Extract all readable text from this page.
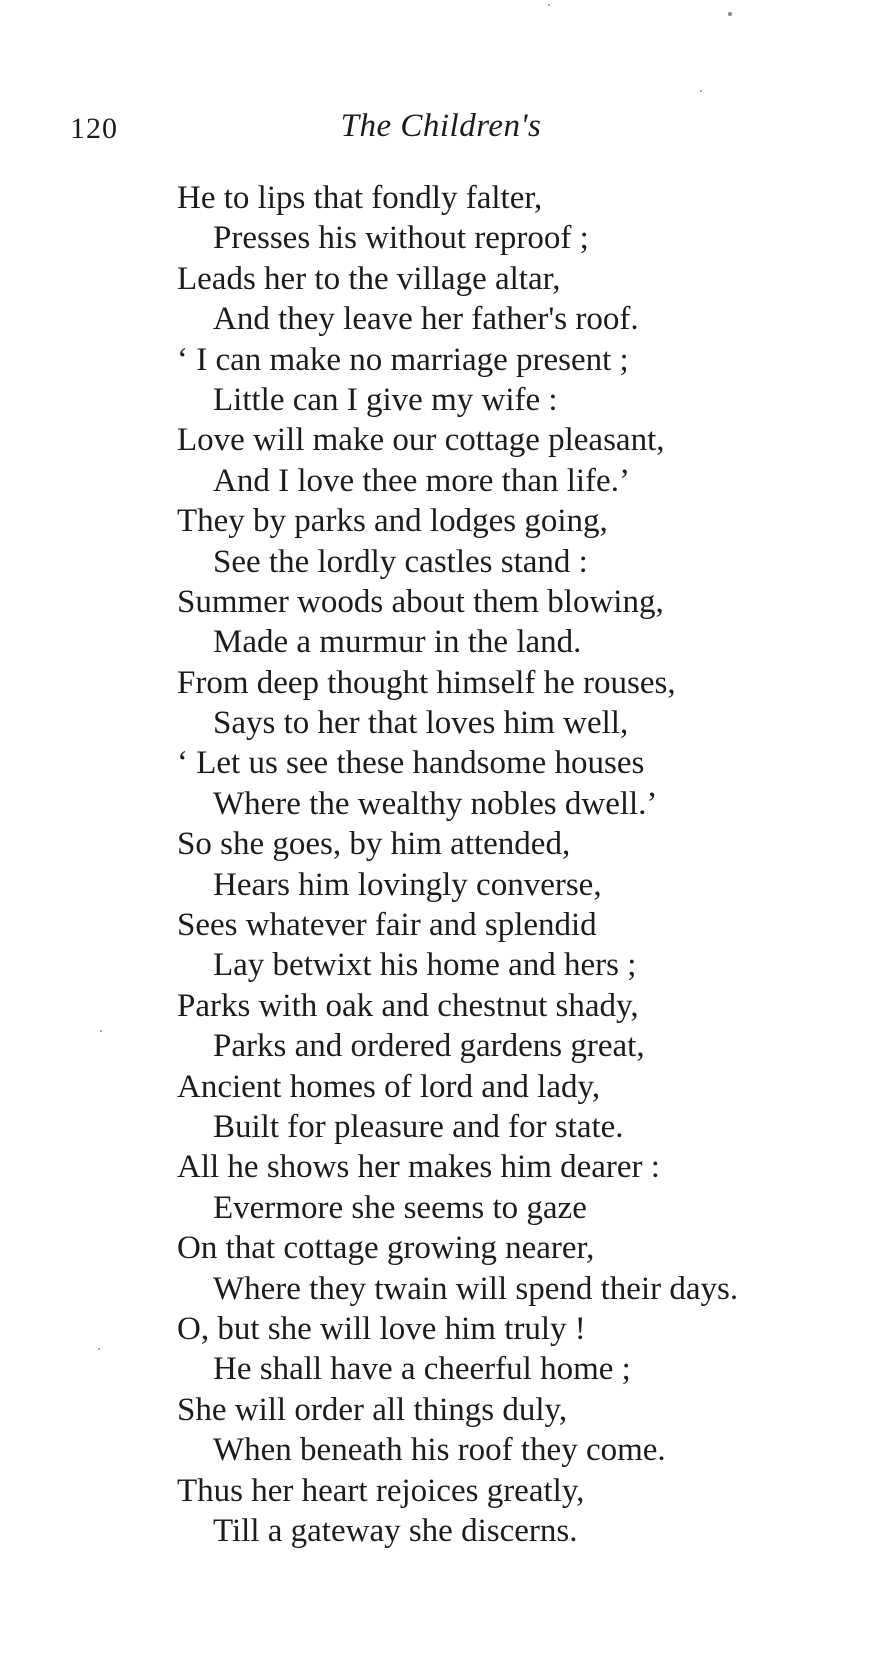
120	The Children's
He to lips that fondly falter,
Presses his without reproof ;
Leads her to the village altar,
And they leave her father's roof.
‘ I can make no marriage present ;
Little can I give my wife :
Love will make our cottage pleasant,
And I love thee more than life.’
They by parks and lodges going,
See the lordly castles stand :
Summer woods about them blowing,
Made a murmur in the land.
From deep thought himself he rouses,
Says to her that loves him well,
‘ Let us see these handsome houses
Where the wealthy nobles dwell.’
So she goes, by him attended,
Hears him lovingly converse,
Sees whatever fair and splendid
Lay betwixt his home and hers ;
Parks with oak and chestnut shady,
Parks and ordered gardens great,
Ancient homes of lord and lady,
Built for pleasure and for state.
All he shows her makes him dearer :
Evermore she seems to gaze
On that cottage growing nearer,
Where they twain will spend their days.
O, but she will love him truly !
He shall have a cheerful home ;
She will order all things duly,
When beneath his roof they come.
Thus her heart rejoices greatly,
Till a gateway she discerns.
